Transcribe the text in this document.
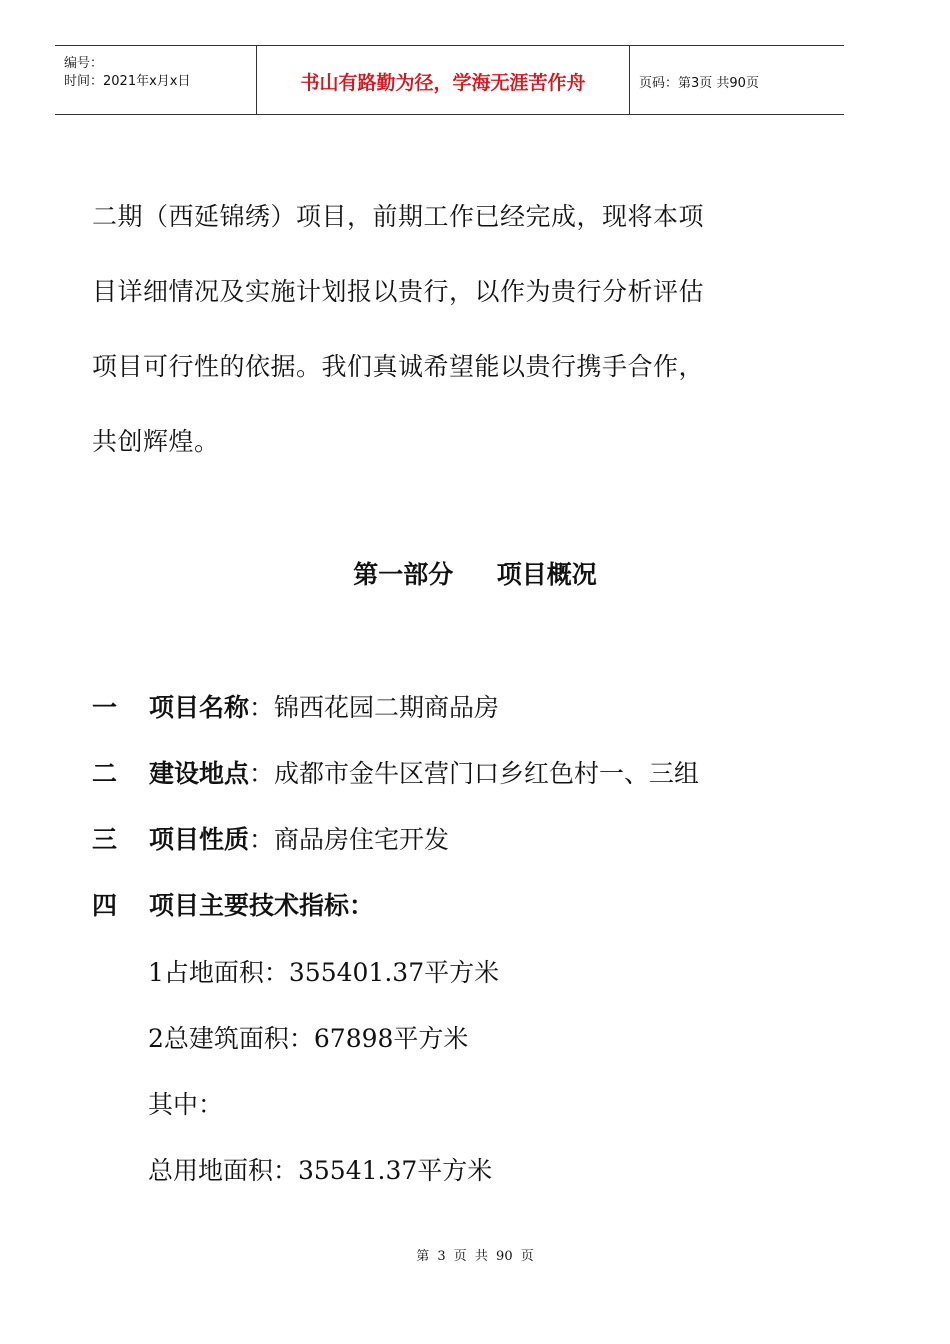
编号：
时间：2021年x月x日	书山有路勤为径，学海无涯苦作舟	页码：第3页 共90页
二期（西延锦绣）项目，前期工作已经完成，现将本项
目详细情况及实施计划报以贵行，以作为贵行分析评估
项目可行性的依据。我们真诚希望能以贵行携手合作，
共创辉煌。
第一部分     项目概况
一 项目名称：锦西花园二期商品房
二 建设地点：成都市金牛区营门口乡红色村一、三组
三 项目性质：商品房住宅开发
四 项目主要技术指标：
1占地面积：355401.37平方米
2总建筑面积：67898平方米
其中：
总用地面积：35541.37平方米
第 3 页 共 90 页
